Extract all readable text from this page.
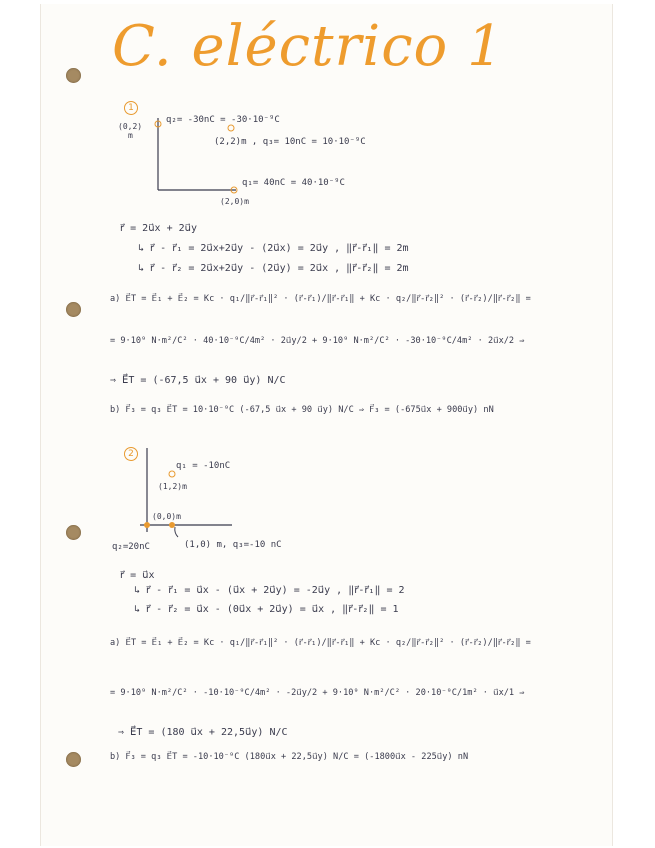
C. eléctrico 1
1
(0,2)
m
q₂= -30nC = -30·10⁻⁹C
(2,2)m , q₃= 10nC = 10·10⁻⁹C
q₁= 40nC = 40·10⁻⁹C
(2,0)m
r⃗ = 2u⃗x + 2u⃗y
↳ r⃗ - r⃗₁ = 2u⃗x+2u⃗y - (2u⃗x) = 2u⃗y , ‖r⃗-r⃗₁‖ = 2m
↳ r⃗ - r⃗₂ = 2u⃗x+2u⃗y - (2u⃗y) = 2u⃗x , ‖r⃗-r⃗₂‖ = 2m
a) E⃗T = E⃗₁ + E⃗₂ = Kc · q₁/‖r⃗-r⃗₁‖² · (r⃗-r⃗₁)/‖r⃗-r⃗₁‖ + Kc · q₂/‖r⃗-r⃗₂‖² · (r⃗-r⃗₂)/‖r⃗-r⃗₂‖ =
= 9·10⁹ N·m²/C² · 40·10⁻⁹C/4m² · 2u⃗y/2 + 9·10⁹ N·m²/C² · -30·10⁻⁹C/4m² · 2u⃗x/2 ⇒
⇒ E⃗T = (-67,5 u⃗x + 90 u⃗y) N/C
b) F⃗₃ = q₃ E⃗T = 10·10⁻⁹C (-67,5 u⃗x + 90 u⃗y) N/C ⇒ F⃗₃ = (-675u⃗x + 900u⃗y) nN
2
q₁ = -10nC
(1,2)m
(0,0)m
q₂=20nC	(1,0) m, q₃=-10 nC
r⃗ = u⃗x
↳ r⃗ - r⃗₁ = u⃗x - (u⃗x + 2u⃗y) = -2u⃗y , ‖r⃗-r⃗₁‖ = 2
↳ r⃗ - r⃗₂ = u⃗x - (0u⃗x + 2u⃗y) = u⃗x , ‖r⃗-r⃗₂‖ = 1
a) E⃗T = E⃗₁ + E⃗₂ = Kc · q₁/‖r⃗-r⃗₁‖² · (r⃗-r⃗₁)/‖r⃗-r⃗₁‖ + Kc · q₂/‖r⃗-r⃗₂‖² · (r⃗-r⃗₂)/‖r⃗-r⃗₂‖ =
= 9·10⁹ N·m²/C² · -10·10⁻⁹C/4m² · -2u⃗y/2 + 9·10⁹ N·m²/C² · 20·10⁻⁹C/1m² · u⃗x/1 ⇒
⇒ E⃗T = (180 u⃗x + 22,5u⃗y) N/C
b) F⃗₃ = q₃ E⃗T = -10·10⁻⁹C (180u⃗x + 22,5u⃗y) N/C = (-1800u⃗x - 225u⃗y) nN
